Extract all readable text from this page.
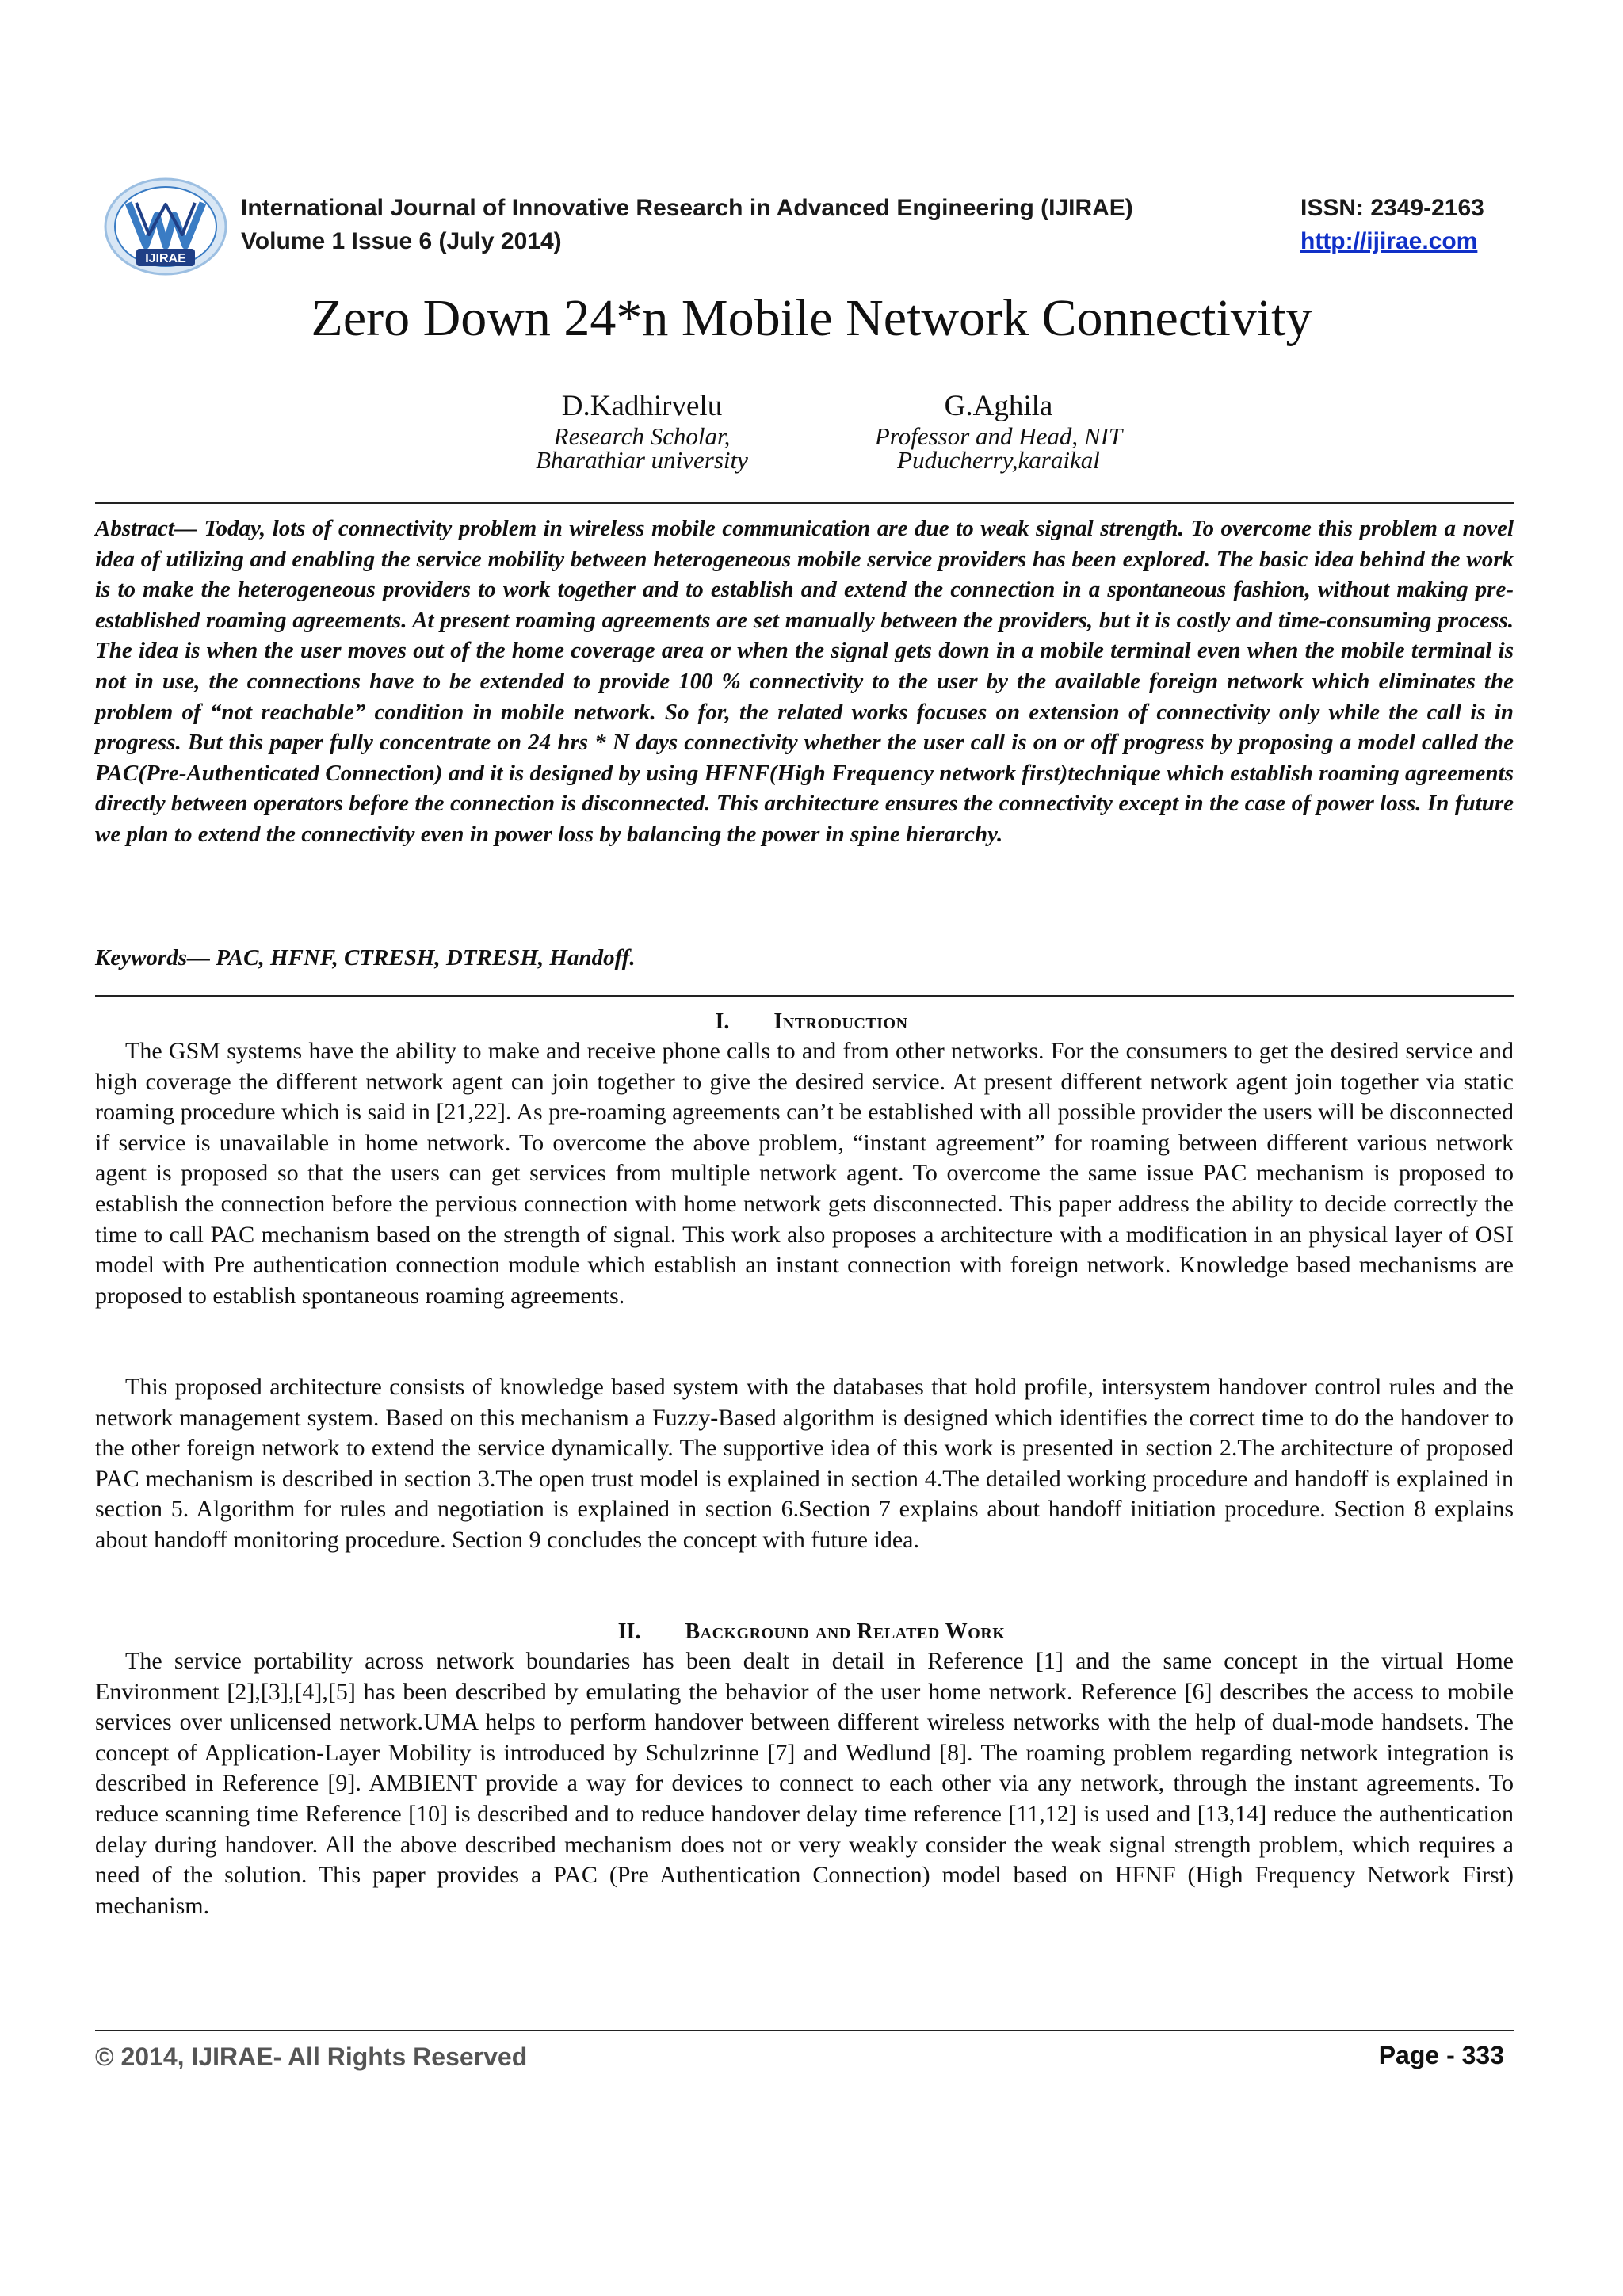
IJIRAE
International Journal of Innovative Research in Advanced Engineering (IJIRAE)
Volume 1 Issue 6 (July 2014)
ISSN: 2349-2163
http://ijirae.com
Zero Down 24*n Mobile Network Connectivity
D.Kadhirvelu
Research Scholar,
Bharathiar university
G.Aghila
Professor and Head, NIT
Puducherry,karaikal
Abstract— Today, lots of connectivity problem in wireless mobile communication are due to weak signal strength. To overcome this problem a novel idea of utilizing and enabling the service mobility between heterogeneous mobile service providers has been explored. The basic idea behind the work is to make the heterogeneous providers to work together and to establish and extend the connection in a spontaneous fashion, without making pre-established roaming agreements. At present roaming agreements are set manually between the providers, but it is costly and time-consuming process. The idea is when the user moves out of the home coverage area or when the signal gets down in a mobile terminal even when the mobile terminal is not in use, the connections have to be extended to provide 100 % connectivity to the user by the available foreign network which eliminates the problem of “not reachable” condition in mobile network. So for, the related works focuses on extension of connectivity only while the call is in progress. But this paper fully concentrate on 24 hrs * N days connectivity whether the user call is on or off progress by proposing a model called the PAC(Pre-Authenticated Connection) and it is designed by using HFNF(High Frequency network first)technique which establish roaming agreements directly between operators before the connection is disconnected. This architecture ensures the connectivity except in the case of power loss. In future we plan to extend the connectivity even in power loss by balancing the power in spine hierarchy.
Keywords— PAC, HFNF, CTRESH, DTRESH, Handoff.
I. Introduction
The GSM systems have the ability to make and receive phone calls to and from other networks. For the consumers to get the desired service and high coverage the different network agent can join together to give the desired service. At present different network agent join together via static roaming procedure which is said in [21,22]. As pre-roaming agreements can’t be established with all possible provider the users will be disconnected if service is unavailable in home network. To overcome the above problem, “instant agreement” for roaming between different various network agent is proposed so that the users can get services from multiple network agent. To overcome the same issue PAC mechanism is proposed to establish the connection before the pervious connection with home network gets disconnected. This paper address the ability to decide correctly the time to call PAC mechanism based on the strength of signal. This work also proposes a architecture with a modification in an physical layer of OSI model with Pre authentication connection module which establish an instant connection with foreign network. Knowledge based mechanisms are proposed to establish spontaneous roaming agreements.
This proposed architecture consists of knowledge based system with the databases that hold profile, intersystem handover control rules and the network management system. Based on this mechanism a Fuzzy-Based algorithm is designed which identifies the correct time to do the handover to the other foreign network to extend the service dynamically. The supportive idea of this work is presented in section 2.The architecture of proposed PAC mechanism is described in section 3.The open trust model is explained in section 4.The detailed working procedure and handoff is explained in section 5. Algorithm for rules and negotiation is explained in section 6.Section 7 explains about handoff initiation procedure. Section 8 explains about handoff monitoring procedure. Section 9 concludes the concept with future idea.
II. Background and Related Work
The service portability across network boundaries has been dealt in detail in Reference [1] and the same concept in the virtual Home Environment [2],[3],[4],[5] has been described by emulating the behavior of the user home network. Reference [6] describes the access to mobile services over unlicensed network.UMA helps to perform handover between different wireless networks with the help of dual-mode handsets. The concept of Application-Layer Mobility is introduced by Schulzrinne [7] and Wedlund [8]. The roaming problem regarding network integration is described in Reference [9]. AMBIENT provide a way for devices to connect to each other via any network, through the instant agreements. To reduce scanning time Reference [10] is described and to reduce handover delay time reference [11,12] is used and [13,14] reduce the authentication delay during handover. All the above described mechanism does not or very weakly consider the weak signal strength problem, which requires a need of the solution. This paper provides a PAC (Pre Authentication Connection) model based on HFNF (High Frequency Network First) mechanism.
© 2014, IJIRAE- All Rights Reserved	Page - 333
